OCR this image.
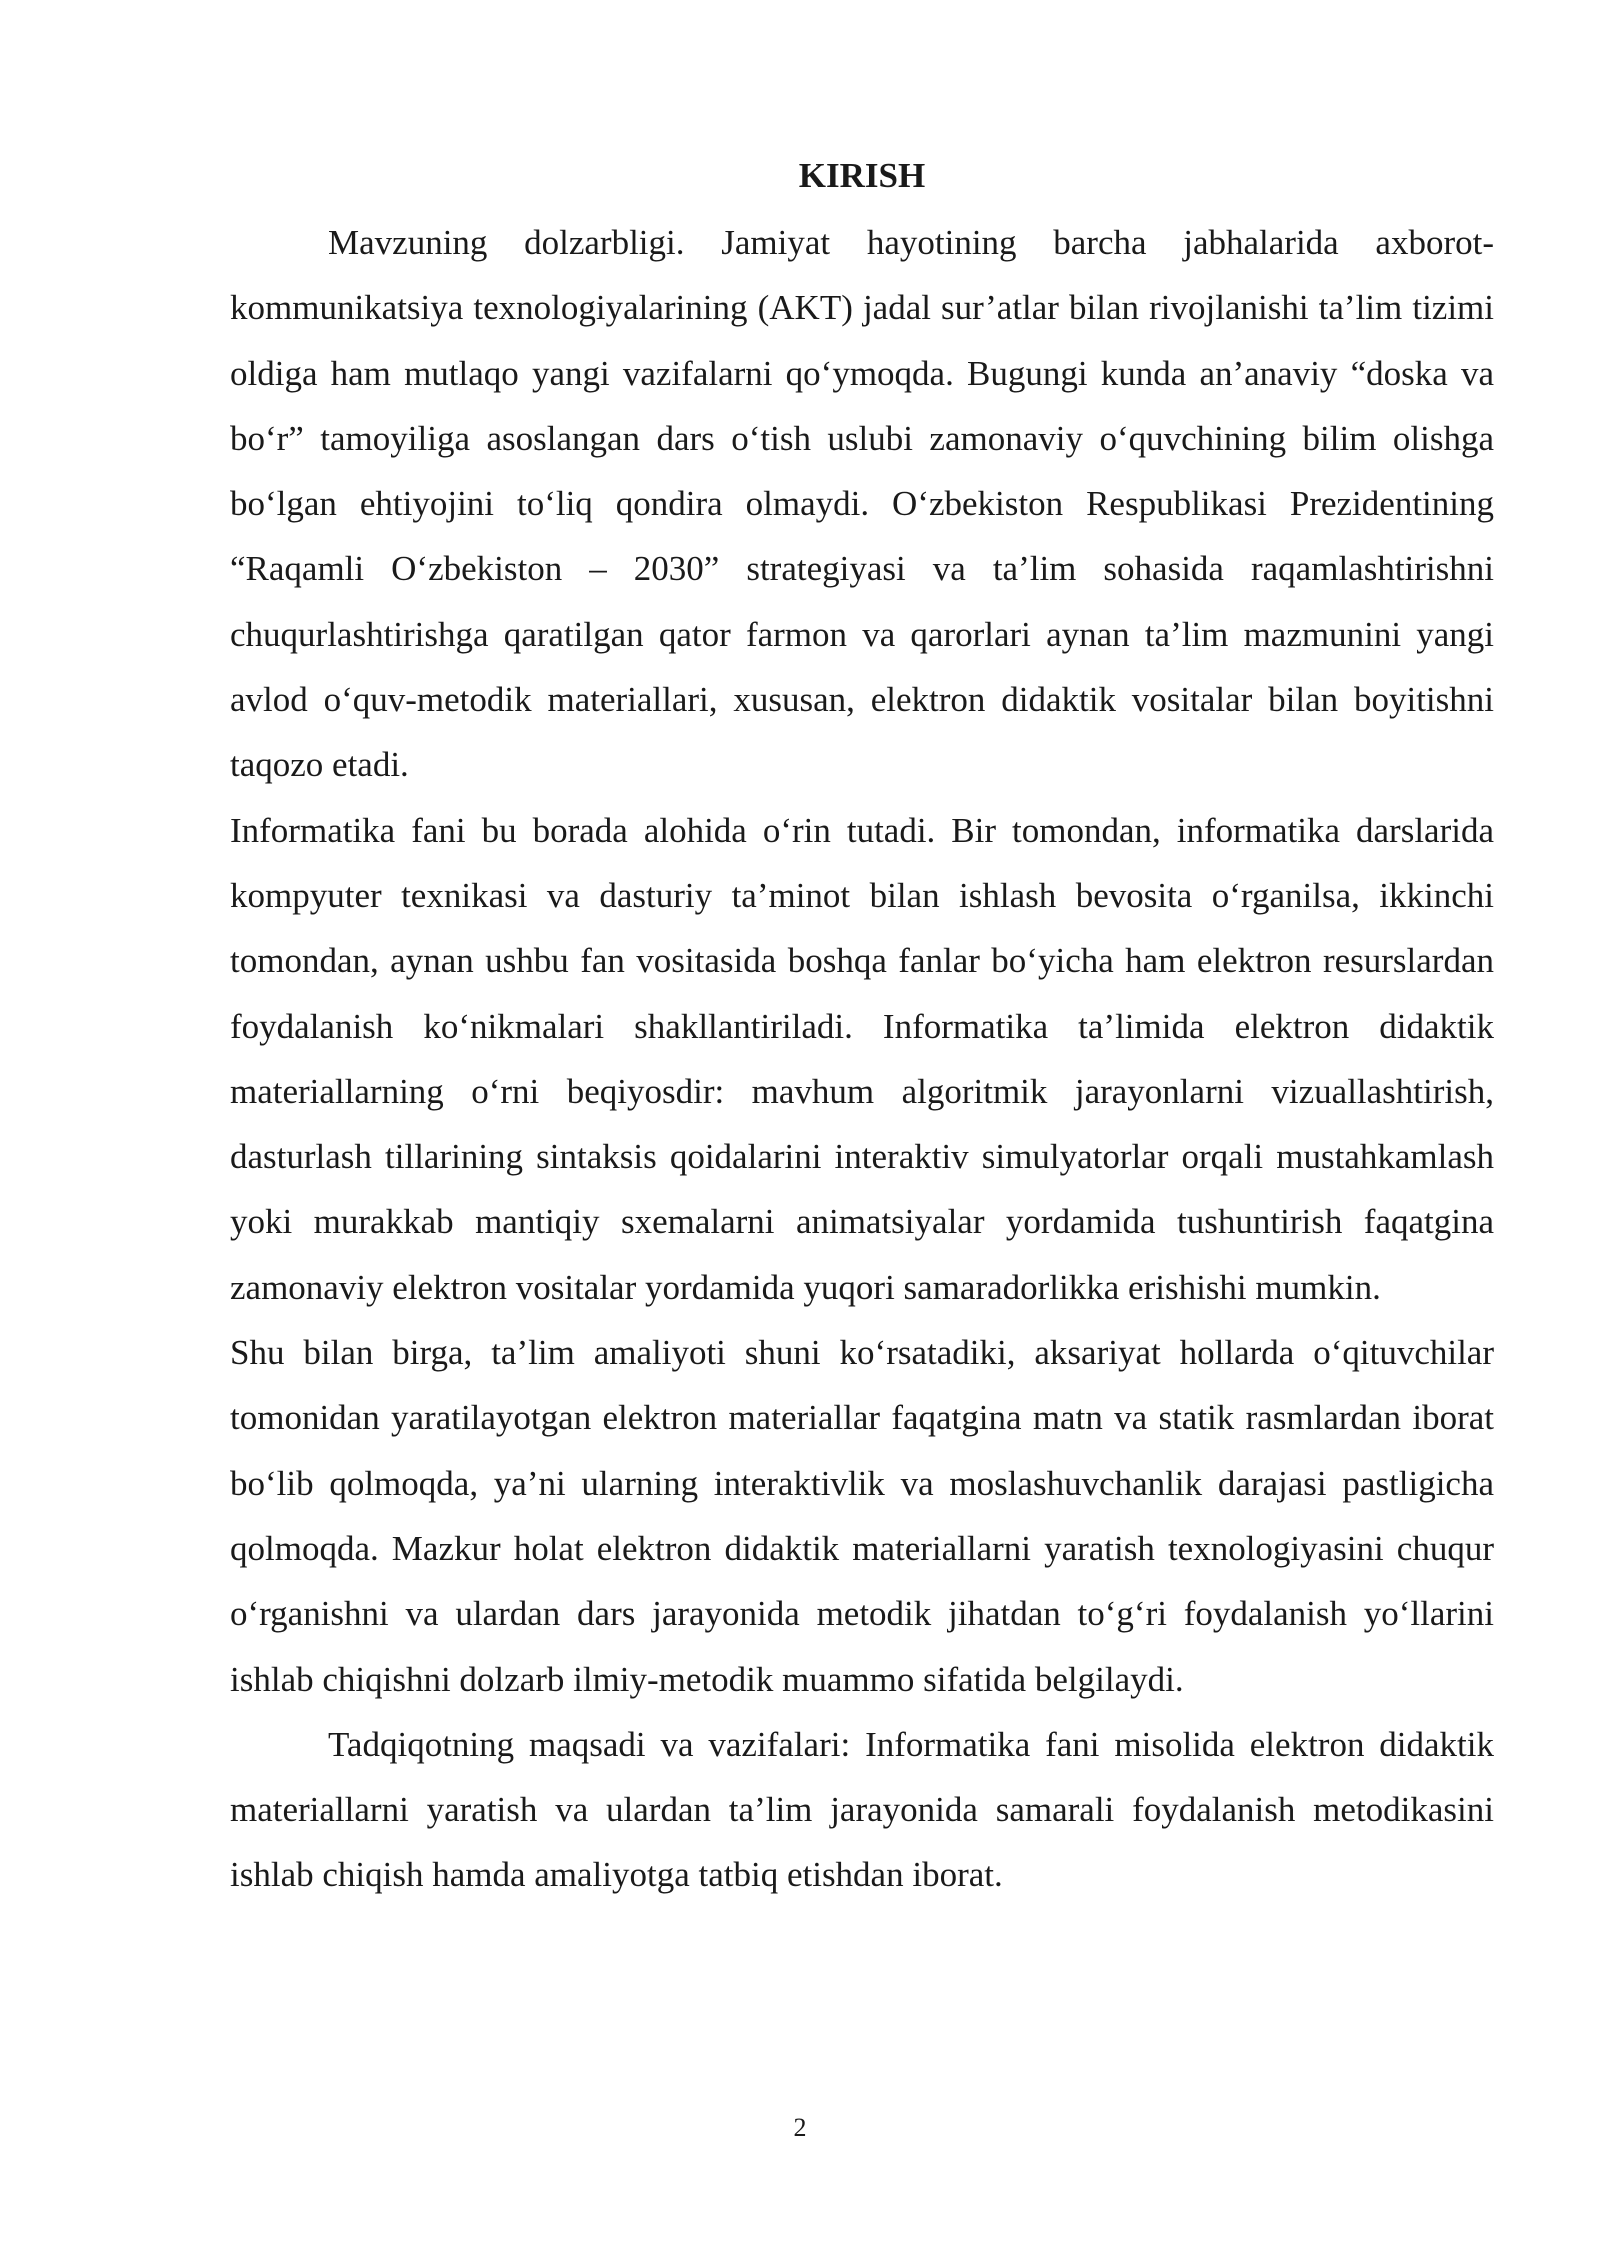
KIRISH

Mavzuning dolzarbligi. Jamiyat hayotining barcha jabhalarida axborot-kommunikatsiya texnologiyalarining (AKT) jadal sur’atlar bilan rivojlanishi ta’lim tizimi oldiga ham mutlaqo yangi vazifalarni qo‘ymoqda. Bugungi kunda an’anaviy “doska va bo‘r” tamoyiliga asoslangan dars o‘tish uslubi zamonaviy o‘quvchining bilim olishga bo‘lgan ehtiyojini to‘liq qondira olmaydi. O‘zbekiston Respublikasi Prezidentining “Raqamli O‘zbekiston – 2030” strategiyasi va ta’lim sohasida raqamlashtirishni chuqurlashtirishga qaratilgan qator farmon va qarorlari aynan ta’lim mazmunini yangi avlod o‘quv-metodik materiallari, xususan, elektron didaktik vositalar bilan boyitishni taqozo etadi.

Informatika fani bu borada alohida o‘rin tutadi. Bir tomondan, informatika darslarida kompyuter texnikasi va dasturiy ta’minot bilan ishlash bevosita o‘rganilsa, ikkinchi tomondan, aynan ushbu fan vositasida boshqa fanlar bo‘yicha ham elektron resurslardan foydalanish ko‘nikmalari shakllantiriladi. Informatika ta’limida elektron didaktik materiallarning o‘rni beqiyosdir: mavhum algoritmik jarayonlarni vizuallashtirish, dasturlash tillarining sintaksis qoidalarini interaktiv simulyatorlar orqali mustahkamlash yoki murakkab mantiqiy sxemalarni animatsiyalar yordamida tushuntirish faqatgina zamonaviy elektron vositalar yordamida yuqori samaradorlikka erishishi mumkin.

Shu bilan birga, ta’lim amaliyoti shuni ko‘rsatadiki, aksariyat hollarda o‘qituvchilar tomonidan yaratilayotgan elektron materiallar faqatgina matn va statik rasmlardan iborat bo‘lib qolmoqda, ya’ni ularning interaktivlik va moslashuvchanlik darajasi pastligicha qolmoqda. Mazkur holat elektron didaktik materiallarni yaratish texnologiyasini chuqur o‘rganishni va ulardan dars jarayonida metodik jihatdan to‘g‘ri foydalanish yo‘llarini ishlab chiqishni dolzarb ilmiy-metodik muammo sifatida belgilaydi.

Tadqiqotning maqsadi va vazifalari: Informatika fani misolida elektron didaktik materiallarni yaratish va ulardan ta’lim jarayonida samarali foydalanish metodikasini ishlab chiqish hamda amaliyotga tatbiq etishdan iborat.

2
